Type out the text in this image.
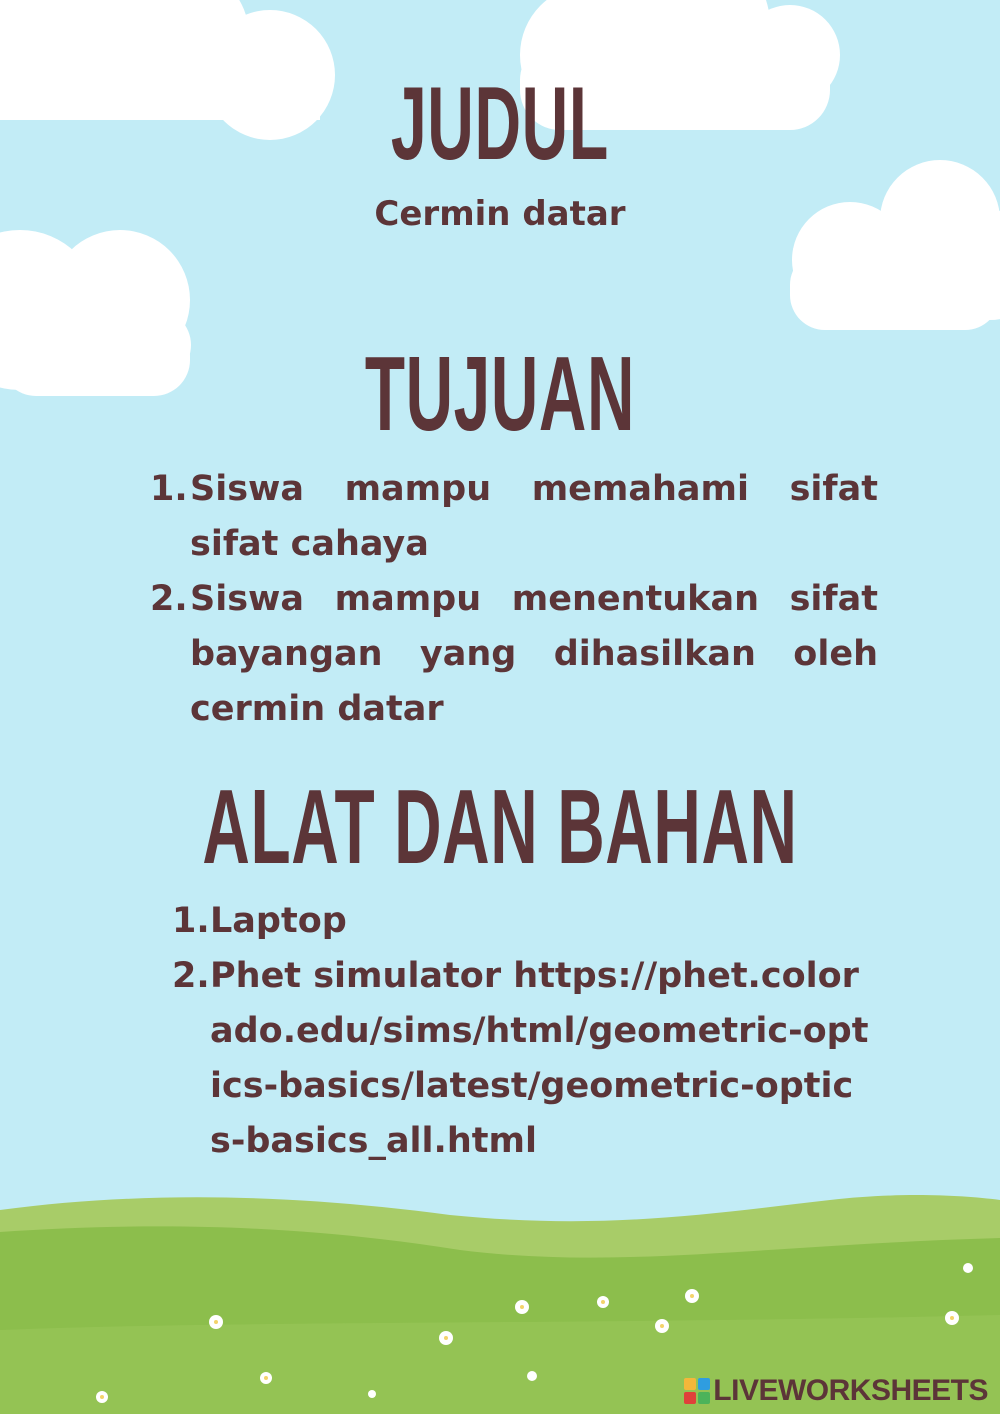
JUDUL

Cermin datar

TUJUAN
1. Siswa mampu memahami sifat sifat cahaya
2. Siswa mampu menentukan sifat bayangan yang dihasilkan oleh cermin datar
ALAT DAN BAHAN
1. Laptop
2. Phet simulator https://phet.colorado.edu/sims/html/geometric-optics-basics/latest/geometric-optics-basics_all.html
LIVEWORKSHEETS
